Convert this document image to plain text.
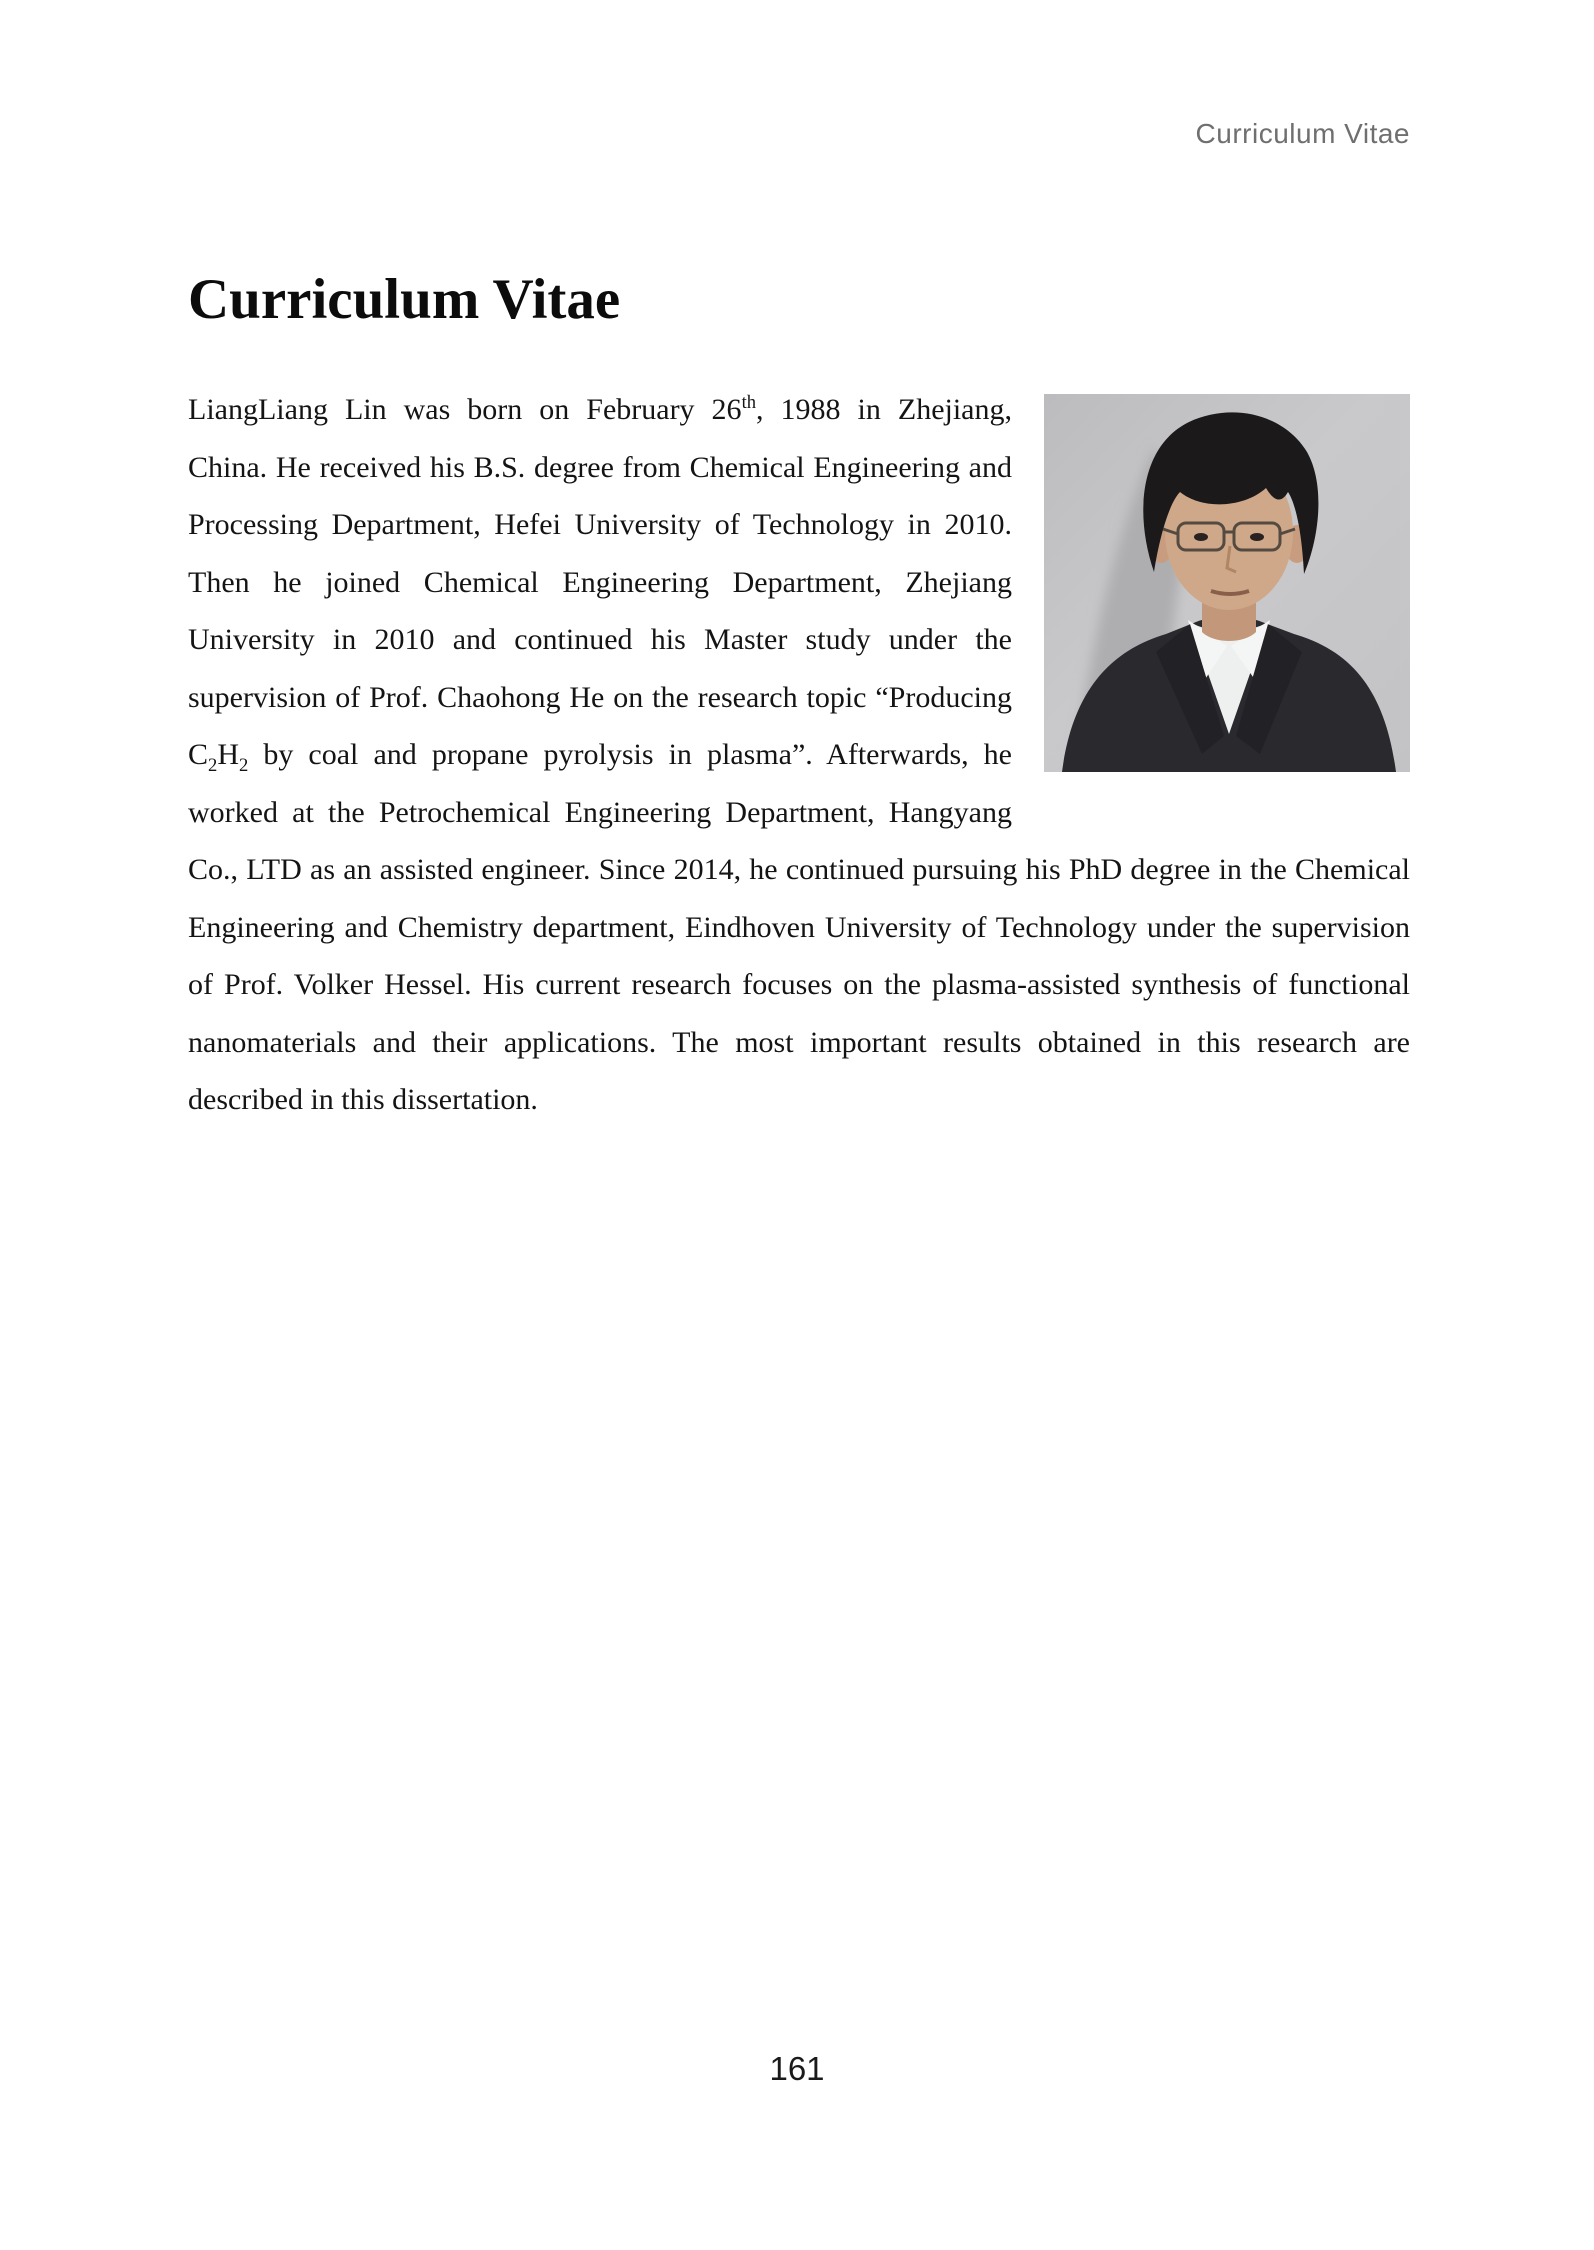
Curriculum Vitae
Curriculum Vitae

LiangLiang Lin was born on February 26th, 1988 in Zhejiang, China. He received his B.S. degree from Chemical Engineering and Processing Department, Hefei University of Technology in 2010. Then he joined Chemical Engineering Department, Zhejiang University in 2010 and continued his Master study under the supervision of Prof. Chaohong He on the research topic “Producing $C_2H_2$ by coal and propane pyrolysis in plasma”. Afterwards, he worked at the Petrochemical Engineering Department, Hangyang Co., LTD as an assisted engineer. Since 2014, he continued pursuing his PhD degree in the Chemical Engineering and Chemistry department, Eindhoven University of Technology under the supervision of Prof. Volker Hessel. His current research focuses on the plasma-assisted synthesis of functional nanomaterials and their applications. The most important results obtained in this research are described in this dissertation.

161
